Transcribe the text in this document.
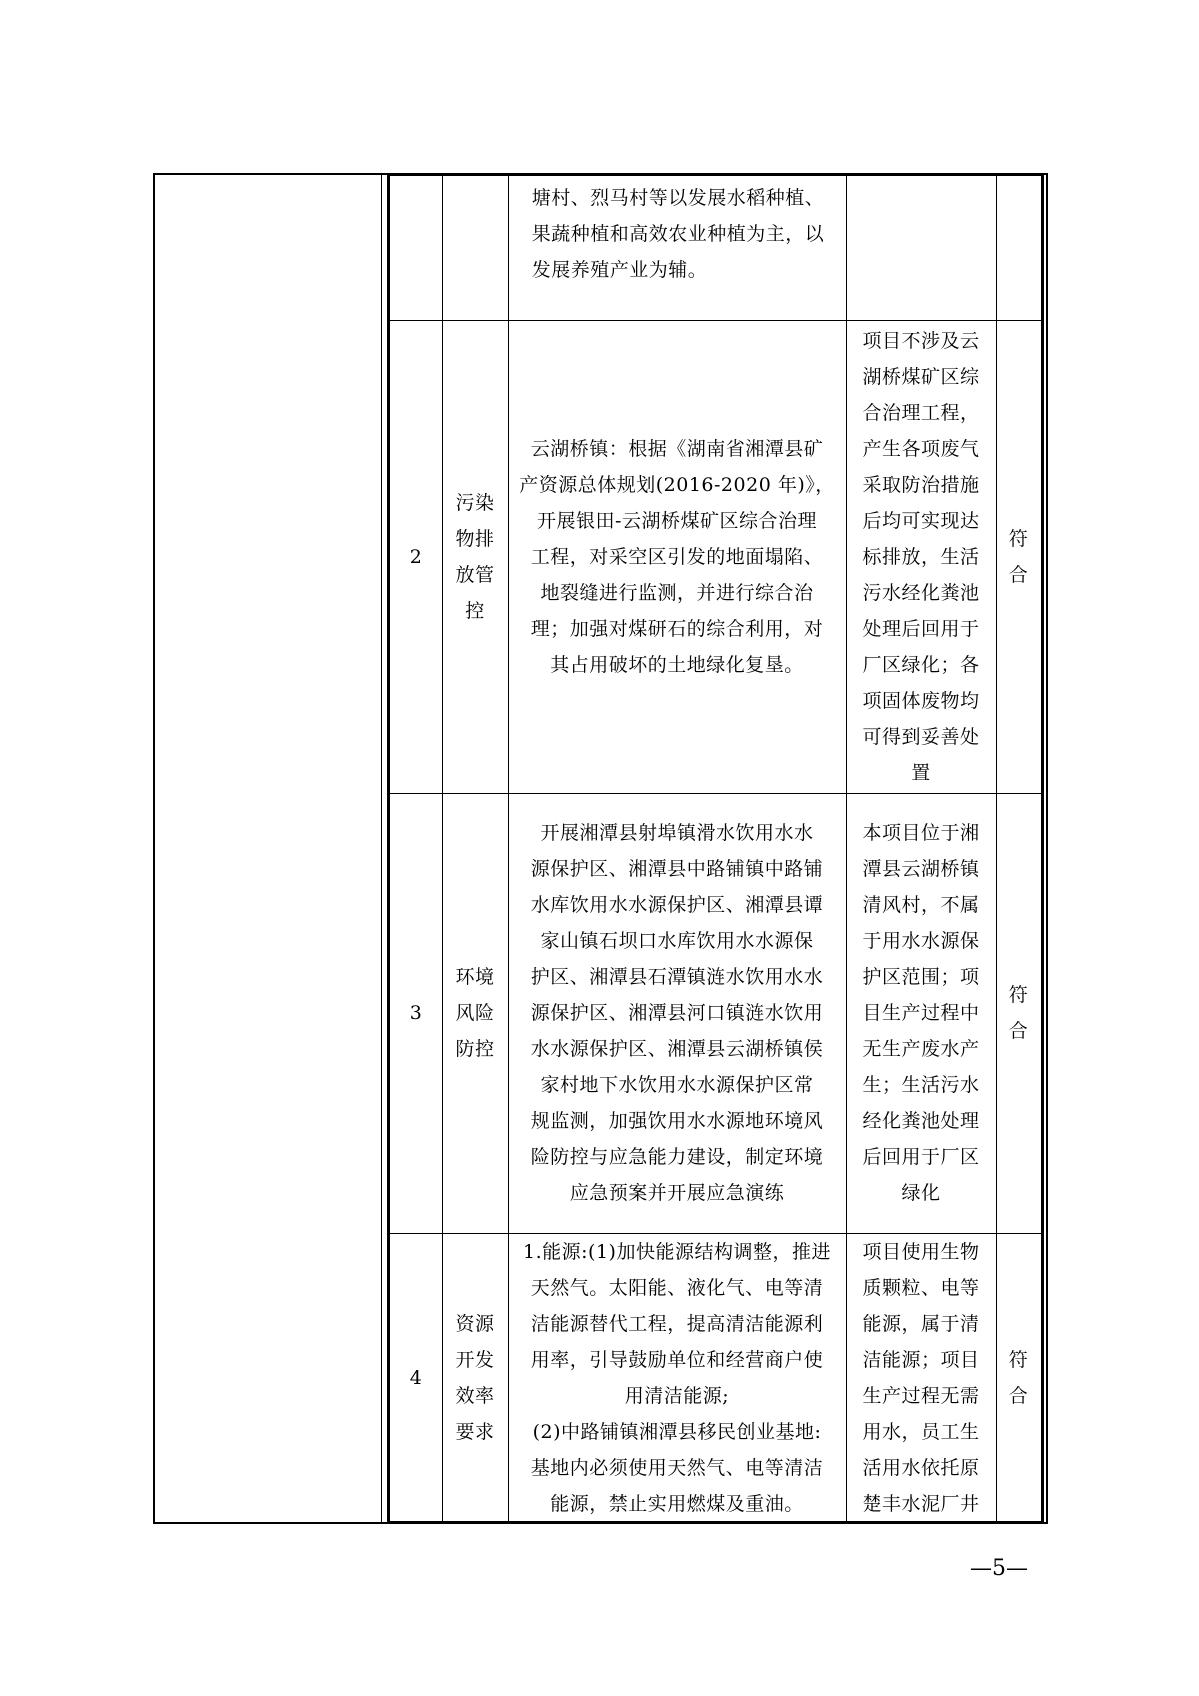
塘村、烈马村等以发展水稻种植、
果蔬种植和高效农业种植为主，以
发展养殖产业为辅。
2
污染
物排
放管
控
云湖桥镇：根据《湖南省湘潭县矿
产资源总体规划(2016-2020 年)》，
开展银田-云湖桥煤矿区综合治理
工程，对采空区引发的地面塌陷、
地裂缝进行监测，并进行综合治
理；加强对煤研石的综合利用，对
其占用破坏的土地绿化复垦。
项目不涉及云
湖桥煤矿区综
合治理工程，
产生各项废气
采取防治措施
后均可实现达
标排放，生活
污水经化粪池
处理后回用于
厂区绿化；各
项固体废物均
可得到妥善处
置
符
合
3
环境
风险
防控
开展湘潭县射埠镇滑水饮用水水
源保护区、湘潭县中路铺镇中路铺
水库饮用水水源保护区、湘潭县谭
家山镇石坝口水库饮用水水源保
护区、湘潭县石潭镇涟水饮用水水
源保护区、湘潭县河口镇涟水饮用
水水源保护区、湘潭县云湖桥镇侯
家村地下水饮用水水源保护区常
规监测，加强饮用水水源地环境风
险防控与应急能力建设，制定环境
应急预案并开展应急演练
本项目位于湘
潭县云湖桥镇
清风村，不属
于用水水源保
护区范围；项
目生产过程中
无生产废水产
生；生活污水
经化粪池处理
后回用于厂区
绿化
符
合
4
资源
开发
效率
要求
1.能源:(1)加快能源结构调整，推进
天然气。太阳能、液化气、电等清
洁能源替代工程，提高清洁能源利
用率，引导鼓励单位和经营商户使
用清洁能源;
(2)中路铺镇湘潭县移民创业基地:
基地内必须使用天然气、电等清洁
能源，禁止实用燃煤及重油。
项目使用生物
质颗粒、电等
能源，属于清
洁能源；项目
生产过程无需
用水，员工生
活用水依托原
楚丰水泥厂井
符
合
—5—
